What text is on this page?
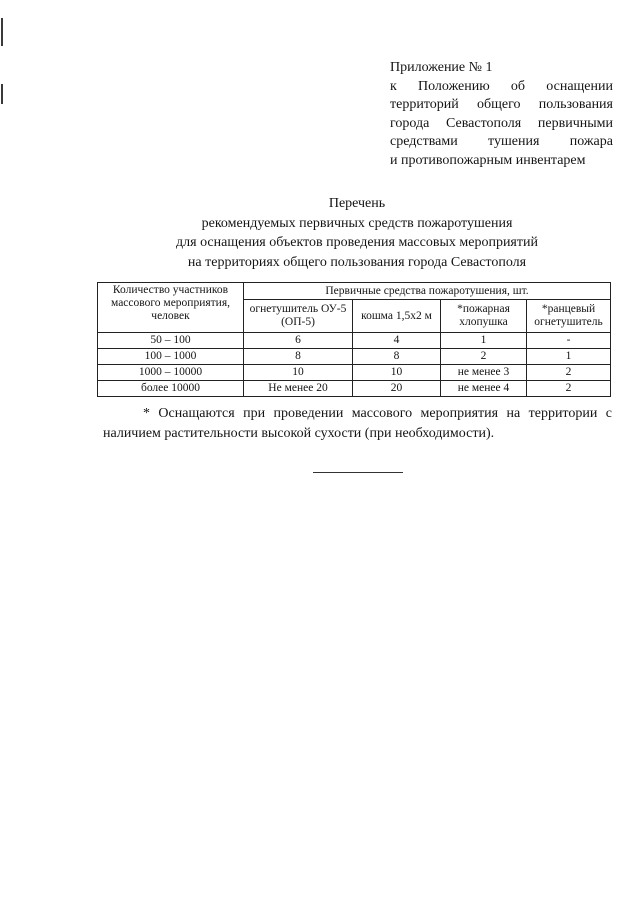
Приложение № 1
к Положению об оснащении
территорий общего пользования
города Севастополя первичными
средствами тушения пожара
и противопожарным инвентарем
Перечень
рекомендуемых первичных средств пожаротушения
для оснащения объектов проведения массовых мероприятий
на территориях общего пользования города Севастополя
Количество участников массового мероприятия, человек	Первичные средства пожаротушения, шт.			
	огнетушитель ОУ-5 (ОП-5)	кошма 1,5х2 м	*пожарная хлопушка	*ранцевый огнетушитель
50 – 100	6	4	1	-
100 – 1000	8	8	2	1
1000 – 10000	10	10	не менее 3	2
более 10000	Не менее 20	20	не менее 4	2
* Оснащаются при проведении массового мероприятия на территории с наличием растительности высокой сухости (при необходимости).
